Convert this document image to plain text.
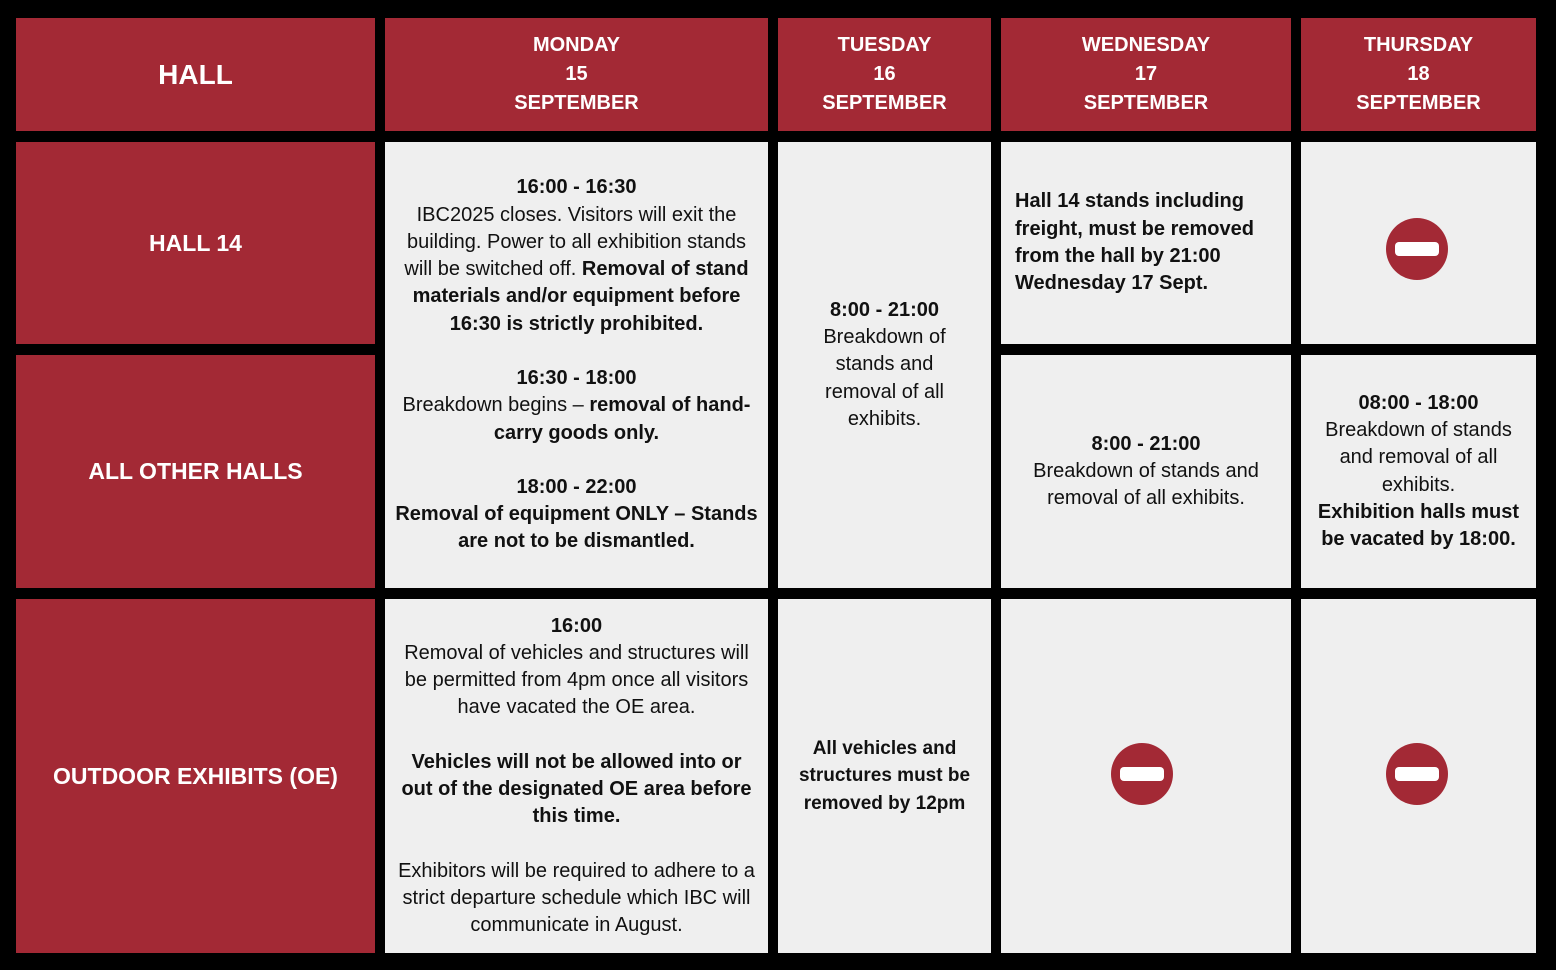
HALL
MONDAY
15
SEPTEMBER
TUESDAY
16
SEPTEMBER
WEDNESDAY
17
SEPTEMBER
THURSDAY
18
SEPTEMBER
HALL 14
ALL OTHER HALLS
OUTDOOR EXHIBITS (OE)

16:00 - 16:30

IBC2025 closes. Visitors will exit the building. Power to all exhibition stands will be switched off. Removal of stand materials and/or equipment before 16:30 is strictly prohibited.

16:30 - 18:00

Breakdown begins – removal of hand-carry goods only.

18:00 - 22:00

Removal of equipment ONLY – Stands are not to be dismantled.

8:00 - 21:00

Breakdown of stands and removal of all exhibits.

Hall 14 stands including freight, must be removed from the hall by 21:00 Wednesday 17 Sept.

8:00 - 21:00

Breakdown of stands and removal of all exhibits.

08:00 - 18:00

Breakdown of stands and removal of all exhibits.

Exhibition halls must be vacated by 18:00.

16:00

Removal of vehicles and structures will be permitted from 4pm once all visitors have vacated the OE area.

Vehicles will not be allowed into or out of the designated OE area before this time.

Exhibitors will be required to adhere to a strict departure schedule which IBC will communicate in August.

All vehicles and structures must be removed by 12pm
